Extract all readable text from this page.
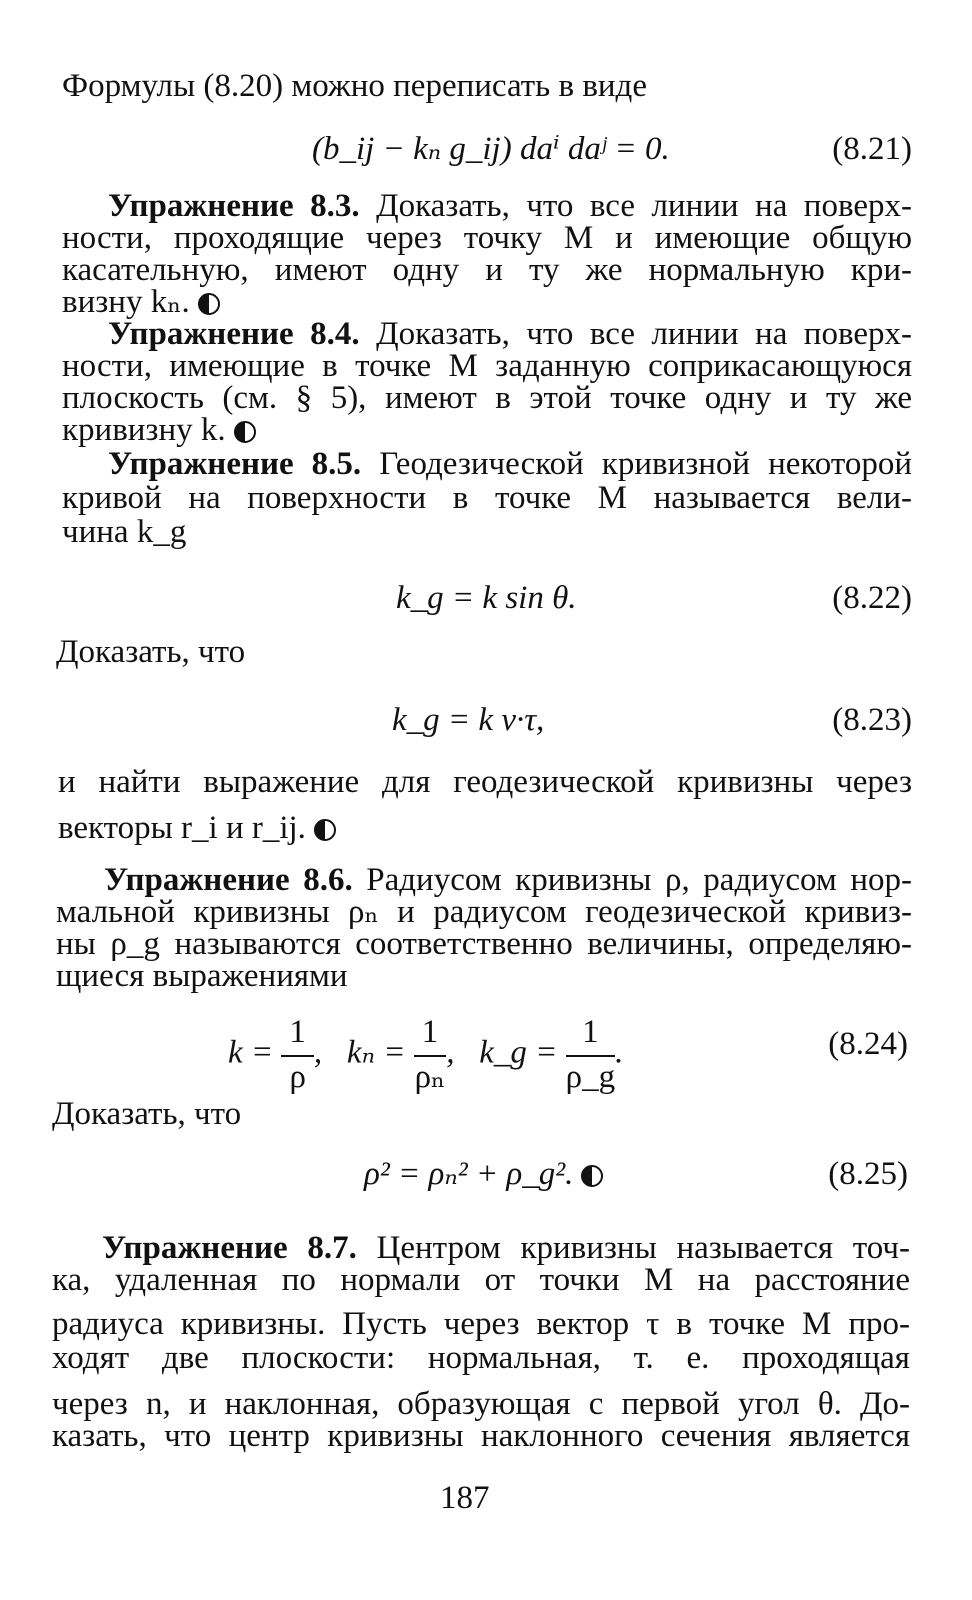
Формулы (8.20) можно переписать в виде
(b_ij − kₙ g_ij) daⁱ daʲ = 0.	(8.21)
Упражнение 8.3. Доказать, что все линии на поверх-
ности, проходящие через точку M и имеющие общую
касательную, имеют одну и ту же нормальную кри-
визну kₙ.
Упражнение 8.4. Доказать, что все линии на поверх-
ности, имеющие в точке M заданную соприкасающуюся
плоскость (см. § 5), имеют в этой точке одну и ту же
кривизну k.
Упражнение 8.5. Геодезической кривизной некоторой
кривой на поверхности в точке M называется вели-
чина k_g
k_g = k sin θ.	(8.22)
Доказать, что
k_g = k ν·τ,	(8.23)
и найти выражение для геодезической кривизны через
векторы r_i и r_ij.
Упражнение 8.6. Радиусом кривизны ρ, радиусом нор-
мальной кривизны ρₙ и радиусом геодезической кривиз-
ны ρ_g называются соответственно величины, определяю-
щиеся выражениями
$k = \frac{1}{\rho}$ ,   $k_n = \frac{1}{\text{ρₙ}}$ ,   k_g = $\frac{1}{\rho\_g}$ .	(8.24)
Доказать, что
ρ² = ρₙ² + ρ_g².	(8.25)
Упражнение 8.7. Центром кривизны называется точ-
ка, удаленная по нормали от точки M на расстояние
радиуса кривизны. Пусть через вектор τ в точке M про-
ходят две плоскости: нормальная, т. е. проходящая
через n, и наклонная, образующая с первой угол θ. До-
казать, что центр кривизны наклонного сечения является
187
